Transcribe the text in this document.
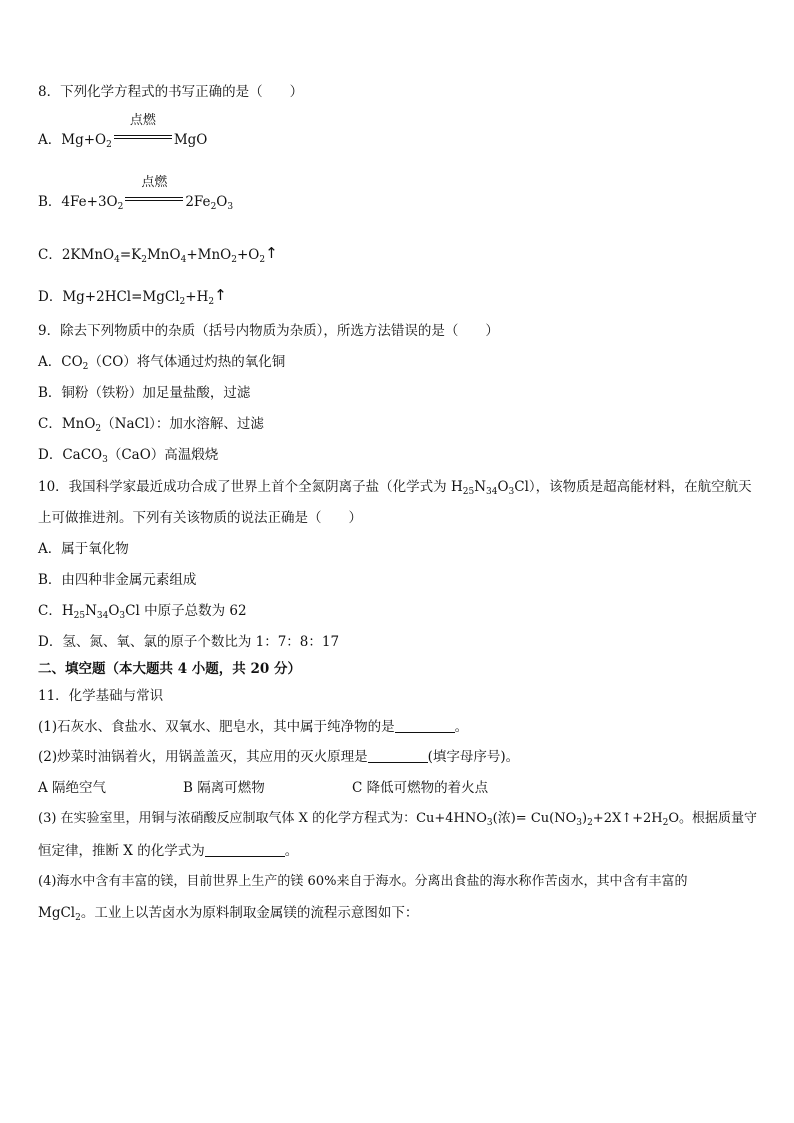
8．下列化学方程式的书写正确的是（　　）
A．$Mg+O_2$
点燃
MgO
B．$4Fe+3O_2$
点燃
$2Fe_2O_3$
C．$2KMnO_4=K_2MnO_4+MnO_2+O_2↑$
D．$Mg+2HCl=MgCl_2+H_2↑$
9．除去下列物质中的杂质（括号内物质为杂质），所选方法错误的是（　　）
A．$CO_2(CO)$将气体通过灼热的氧化铜
B．铜粉（铁粉）加足量盐酸，过滤
C．MnO$_2$（NaCl）：加水溶解、过滤
D．CaCO$_3$（CaO）高温煅烧
10．我国科学家最近成功合成了世界上首个全氮阴离子盐（化学式为 $H_{25}N_{34}O_3Cl$），该物质是超高能材料，在航空航天
上可做推进剂。下列有关该物质的说法正确是（　　）
A．属于氧化物
B．由四种非金属元素组成
C．$H_{25}N_{34}O_3Cl$ 中原子总数为 62
D．氢、氮、氧、氯的原子个数比为 1：7：8：17
二、填空题（本大题共 4 小题，共 20 分）
11．化学基础与常识
(1)石灰水、食盐水、双氧水、肥皂水，其中属于纯净物的是	。
(2)炒菜时油锅着火，用锅盖盖灭，其应用的灭火原理是	(填字母序号)。
A 隔绝空气	B 隔离可燃物	C 降低可燃物的着火点
(3) 在实验室里，用铜与浓硝酸反应制取气体 X 的化学方程式为：$Cu+4HNO_3$(浓)= $Cu(NO_3)_2+2X↑+2H_2O$。根据质量守
恒定律，推断 X 的化学式为	。
(4)海水中含有丰富的镁，目前世界上生产的镁 60%来自于海水。分离出食盐的海水称作苦卤水，其中含有丰富的
MgCl$_2$。工业上以苦卤水为原料制取金属镁的流程示意图如下：
